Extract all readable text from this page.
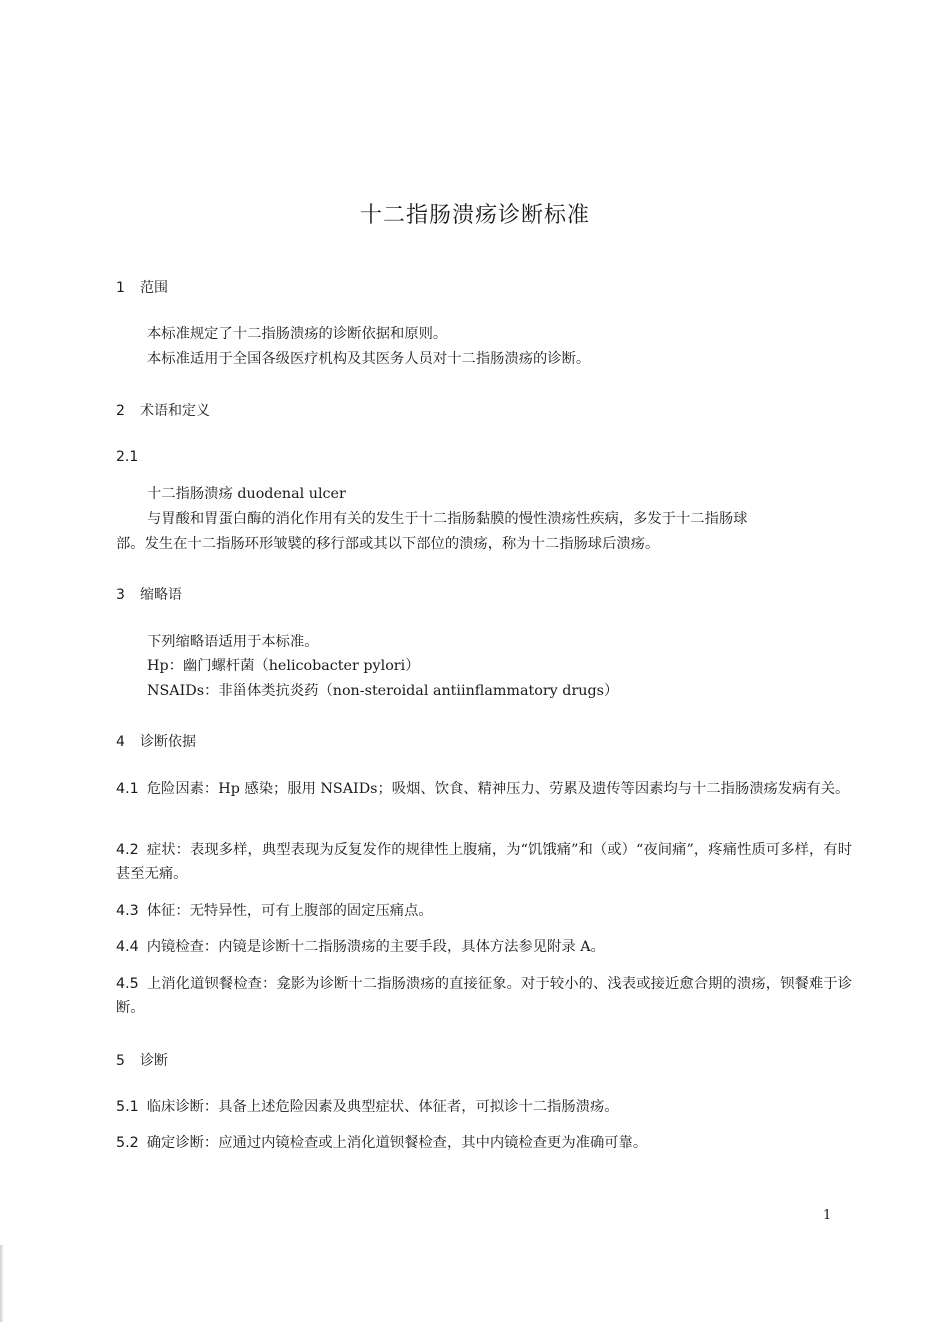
十二指肠溃疡诊断标准
1 范围
本标准规定了十二指肠溃疡的诊断依据和原则。
本标准适用于全国各级医疗机构及其医务人员对十二指肠溃疡的诊断。
2 术语和定义
2.1
十二指肠溃疡 duodenal ulcer
与胃酸和胃蛋白酶的消化作用有关的发生于十二指肠黏膜的慢性溃疡性疾病，多发于十二指肠球
部。发生在十二指肠环形皱襞的移行部或其以下部位的溃疡，称为十二指肠球后溃疡。
3 缩略语
下列缩略语适用于本标准。
Hp：幽门螺杆菌（helicobacter pylori）
NSAIDs：非甾体类抗炎药（non-steroidal antiinflammatory drugs）
4 诊断依据
4.1 危险因素：Hp 感染；服用 NSAIDs；吸烟、饮食、精神压力、劳累及遗传等因素均与十二指肠溃疡发病有关。
4.2 症状：表现多样，典型表现为反复发作的规律性上腹痛，为“饥饿痛”和（或）“夜间痛”，疼痛性质可多样，有时甚至无痛。
4.3 体征：无特异性，可有上腹部的固定压痛点。
4.4 内镜检查：内镜是诊断十二指肠溃疡的主要手段，具体方法参见附录 A。
4.5 上消化道钡餐检查：龛影为诊断十二指肠溃疡的直接征象。对于较小的、浅表或接近愈合期的溃疡，钡餐难于诊断。
5 诊断
5.1 临床诊断：具备上述危险因素及典型症状、体征者，可拟诊十二指肠溃疡。
5.2 确定诊断：应通过内镜检查或上消化道钡餐检查，其中内镜检查更为准确可靠。
1
